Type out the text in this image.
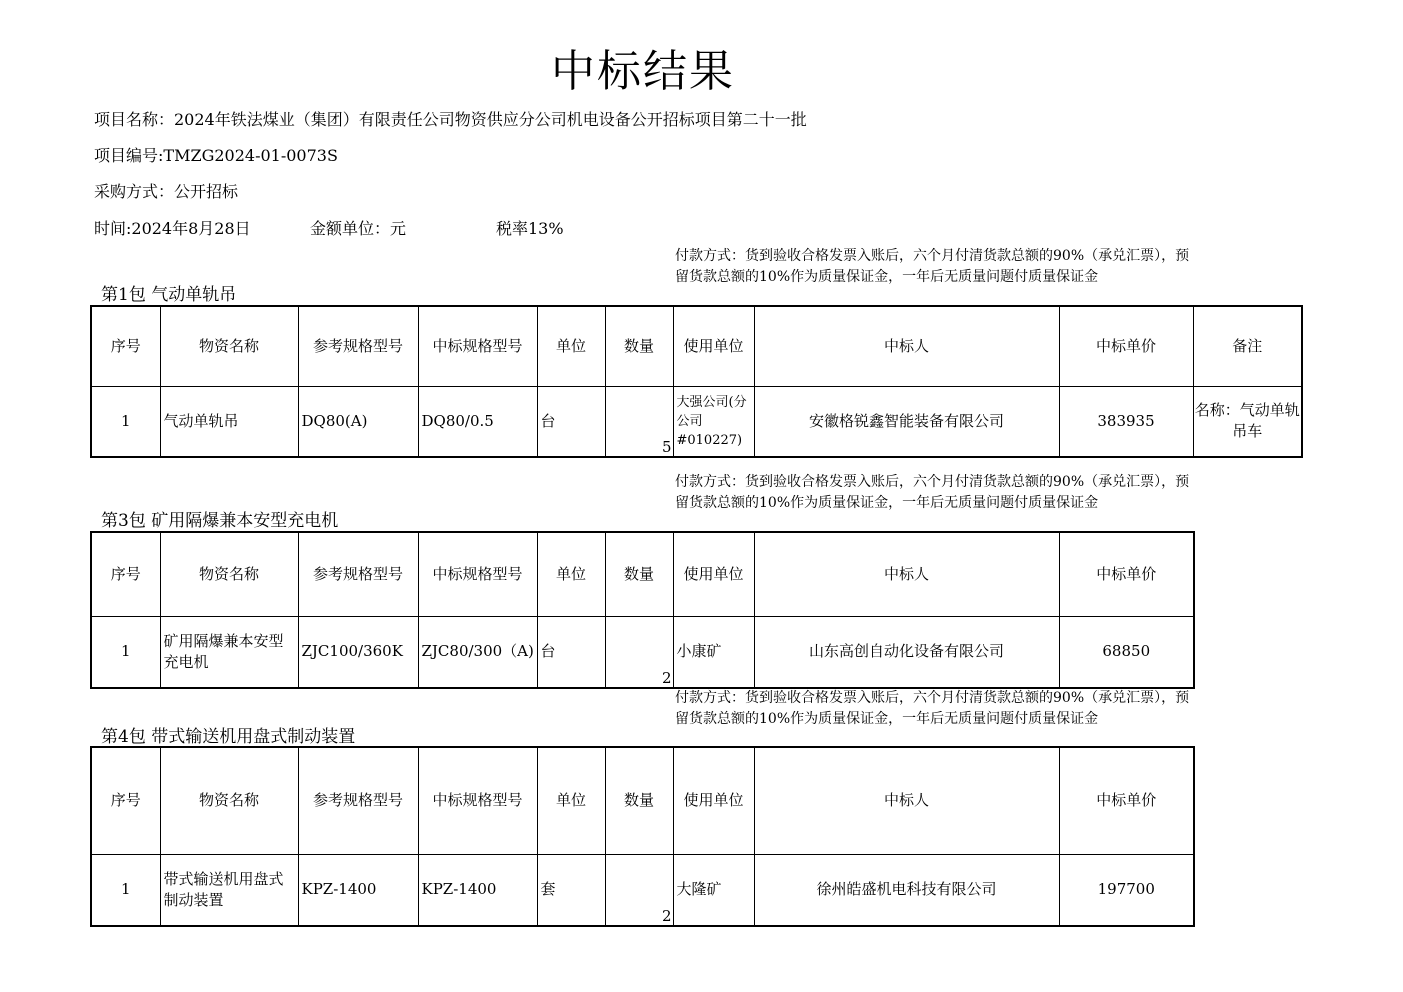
中标结果
项目名称：2024年铁法煤业（集团）有限责任公司物资供应分公司机电设备公开招标项目第二十一批
项目编号:TMZG2024-01-0073S
采购方式：公开招标
时间:2024年8月28日	金额单位：元	税率13%
付款方式：货到验收合格发票入账后，六个月付清货款总额的90%（承兑汇票），预留货款总额的10%作为质量保证金，一年后无质量问题付质量保证金
第1包 气动单轨吊
序号	物资名称	参考规格型号	中标规格型号	单位	数量	使用单位	中标人	中标单价	备注
1	气动单轨吊	DQ80(A)	DQ80/0.5	台	5	大强公司(分公司#010227)	安徽格锐鑫智能装备有限公司	383935	名称：气动单轨吊车
付款方式：货到验收合格发票入账后，六个月付清货款总额的90%（承兑汇票），预留货款总额的10%作为质量保证金，一年后无质量问题付质量保证金
第3包 矿用隔爆兼本安型充电机
序号	物资名称	参考规格型号	中标规格型号	单位	数量	使用单位	中标人	中标单价
1	矿用隔爆兼本安型充电机	ZJC100/360K	ZJC80/300（A)	台	2	小康矿	山东高创自动化设备有限公司	68850
付款方式：货到验收合格发票入账后，六个月付清货款总额的90%（承兑汇票），预留货款总额的10%作为质量保证金，一年后无质量问题付质量保证金
第4包 带式输送机用盘式制动装置
序号	物资名称	参考规格型号	中标规格型号	单位	数量	使用单位	中标人	中标单价
1	带式输送机用盘式制动装置	KPZ-1400	KPZ-1400	套	2	大隆矿	徐州皓盛机电科技有限公司	197700
